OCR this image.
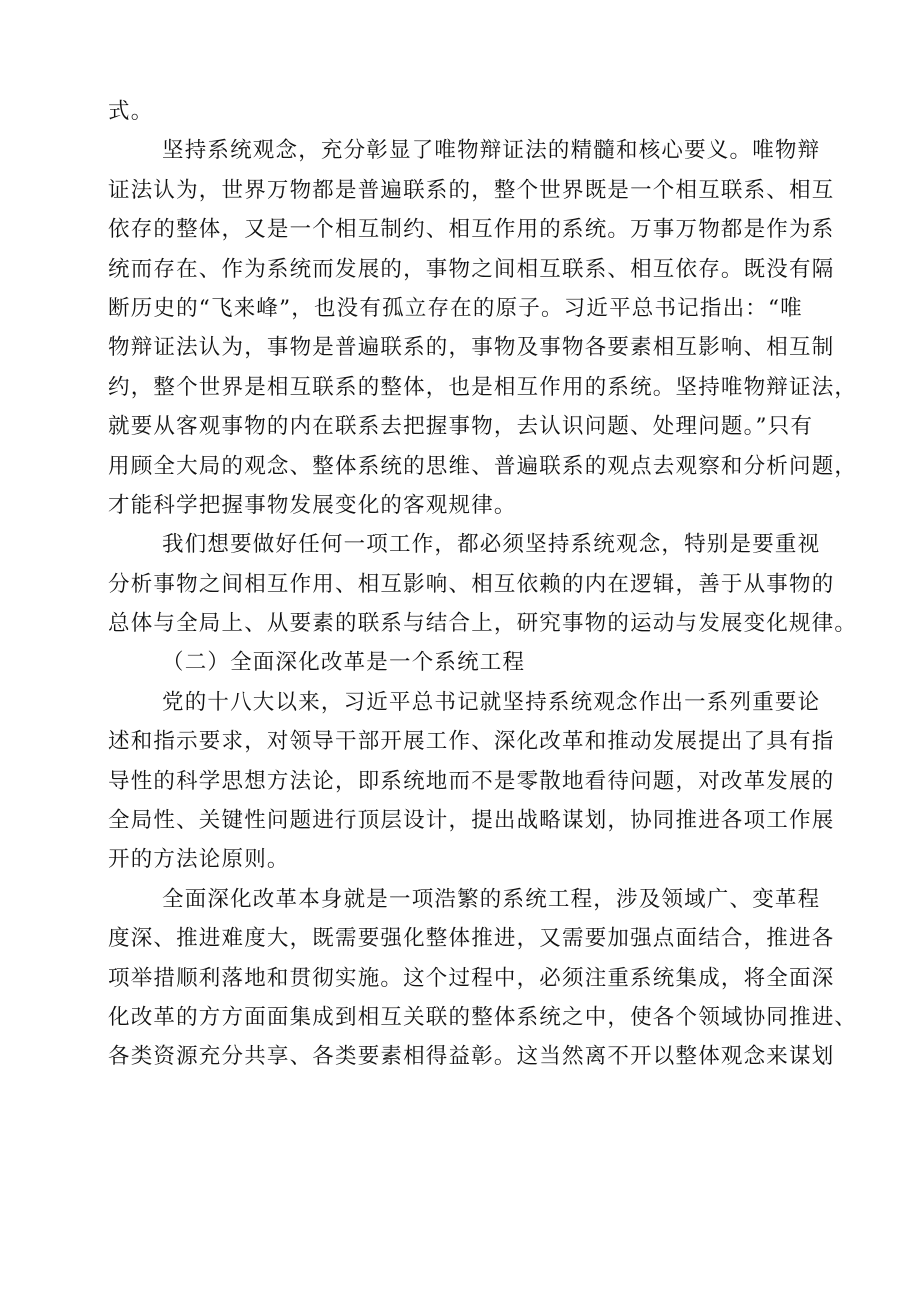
式。
坚持系统观念，充分彰显了唯物辩证法的精髓和核心要义。唯物辩
证法认为，世界万物都是普遍联系的，整个世界既是一个相互联系、相互
依存的整体，又是一个相互制约、相互作用的系统。万事万物都是作为系
统而存在、作为系统而发展的，事物之间相互联系、相互依存。既没有隔
断历史的“飞来峰”，也没有孤立存在的原子。习近平总书记指出：“唯
物辩证法认为，事物是普遍联系的，事物及事物各要素相互影响、相互制
约，整个世界是相互联系的整体，也是相互作用的系统。坚持唯物辩证法，
就要从客观事物的内在联系去把握事物，去认识问题、处理问题。”只有
用顾全大局的观念、整体系统的思维、普遍联系的观点去观察和分析问题，
才能科学把握事物发展变化的客观规律。
我们想要做好任何一项工作，都必须坚持系统观念，特别是要重视
分析事物之间相互作用、相互影响、相互依赖的内在逻辑，善于从事物的
总体与全局上、从要素的联系与结合上，研究事物的运动与发展变化规律。
（二）全面深化改革是一个系统工程
党的十八大以来，习近平总书记就坚持系统观念作出一系列重要论
述和指示要求，对领导干部开展工作、深化改革和推动发展提出了具有指
导性的科学思想方法论，即系统地而不是零散地看待问题，对改革发展的
全局性、关键性问题进行顶层设计，提出战略谋划，协同推进各项工作展
开的方法论原则。
全面深化改革本身就是一项浩繁的系统工程，涉及领域广、变革程
度深、推进难度大，既需要强化整体推进，又需要加强点面结合，推进各
项举措顺利落地和贯彻实施。这个过程中，必须注重系统集成，将全面深
化改革的方方面面集成到相互关联的整体系统之中，使各个领域协同推进、
各类资源充分共享、各类要素相得益彰。这当然离不开以整体观念来谋划
